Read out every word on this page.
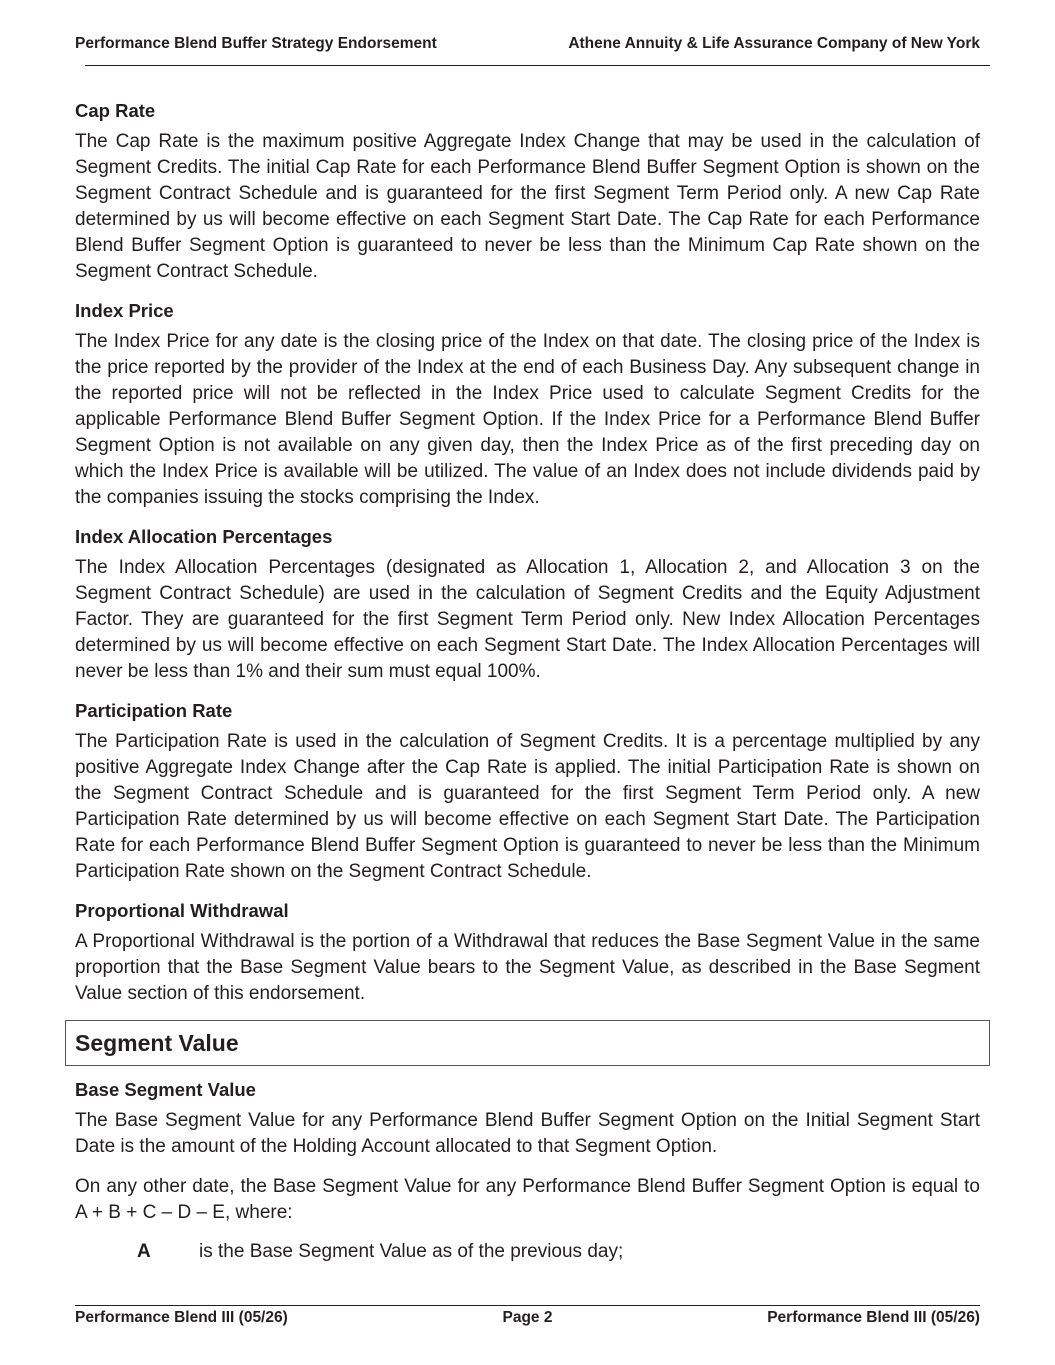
Performance Blend Buffer Strategy Endorsement	Athene Annuity & Life Assurance Company of New York
Cap Rate

The Cap Rate is the maximum positive Aggregate Index Change that may be used in the calculation of Segment Credits. The initial Cap Rate for each Performance Blend Buffer Segment Option is shown on the Segment Contract Schedule and is guaranteed for the first Segment Term Period only. A new Cap Rate determined by us will become effective on each Segment Start Date. The Cap Rate for each Performance Blend Buffer Segment Option is guaranteed to never be less than the Minimum Cap Rate shown on the Segment Contract Schedule.

Index Price

The Index Price for any date is the closing price of the Index on that date. The closing price of the Index is the price reported by the provider of the Index at the end of each Business Day. Any subsequent change in the reported price will not be reflected in the Index Price used to calculate Segment Credits for the applicable Performance Blend Buffer Segment Option. If the Index Price for a Performance Blend Buffer Segment Option is not available on any given day, then the Index Price as of the first preceding day on which the Index Price is available will be utilized. The value of an Index does not include dividends paid by the companies issuing the stocks comprising the Index.

Index Allocation Percentages

The Index Allocation Percentages (designated as Allocation 1, Allocation 2, and Allocation 3 on the Segment Contract Schedule) are used in the calculation of Segment Credits and the Equity Adjustment Factor. They are guaranteed for the first Segment Term Period only. New Index Allocation Percentages determined by us will become effective on each Segment Start Date. The Index Allocation Percentages will never be less than 1% and their sum must equal 100%.

Participation Rate

The Participation Rate is used in the calculation of Segment Credits. It is a percentage multiplied by any positive Aggregate Index Change after the Cap Rate is applied. The initial Participation Rate is shown on the Segment Contract Schedule and is guaranteed for the first Segment Term Period only. A new Participation Rate determined by us will become effective on each Segment Start Date. The Participation Rate for each Performance Blend Buffer Segment Option is guaranteed to never be less than the Minimum Participation Rate shown on the Segment Contract Schedule.

Proportional Withdrawal

A Proportional Withdrawal is the portion of a Withdrawal that reduces the Base Segment Value in the same proportion that the Base Segment Value bears to the Segment Value, as described in the Base Segment Value section of this endorsement.

Segment Value
Base Segment Value

The Base Segment Value for any Performance Blend Buffer Segment Option on the Initial Segment Start Date is the amount of the Holding Account allocated to that Segment Option.

On any other date, the Base Segment Value for any Performance Blend Buffer Segment Option is equal to A + B + C – D – E, where:

A	is the Base Segment Value as of the previous day;
Performance Blend III (05/26)	Page 2	Performance Blend III (05/26)
